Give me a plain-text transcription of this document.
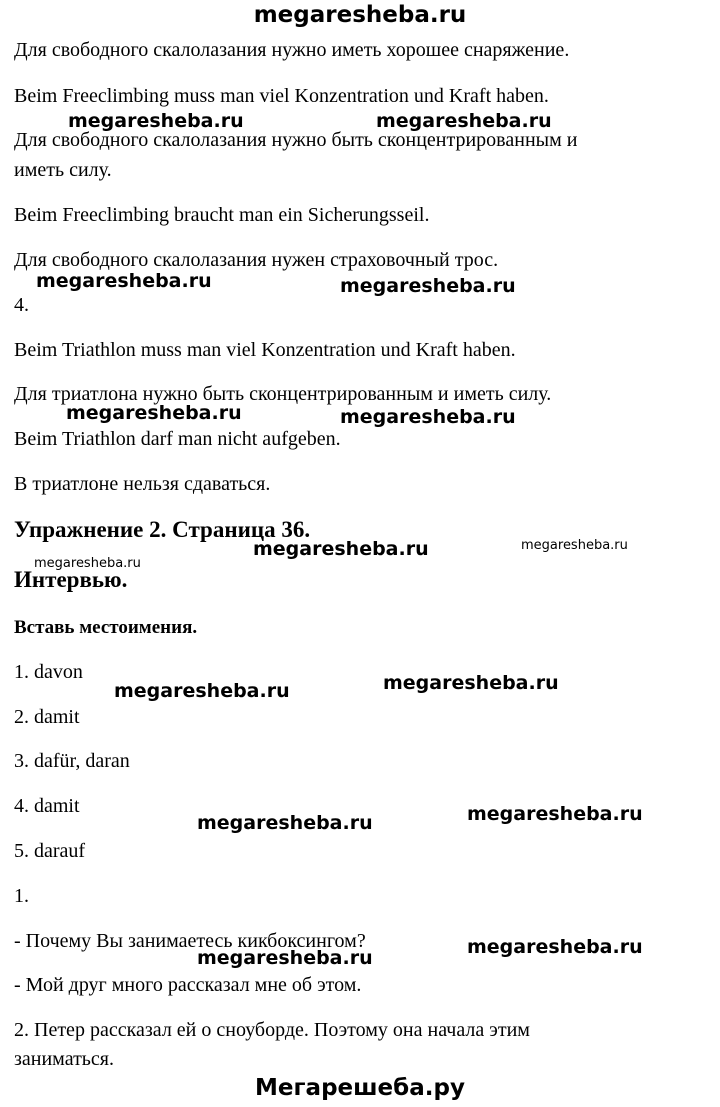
megaresheba.ru
Для свободного скалолазания нужно иметь хорошее снаряжение.
Beim Freeclimbing muss man viel Konzentration und Kraft haben.
Для свободного скалолазания нужно быть сконцентрированным и
иметь силу.
Beim Freeclimbing braucht man ein Sicherungsseil.
Для свободного скалолазания нужен страховочный трос.
4.
Beim Triathlon muss man viel Konzentration und Kraft haben.
Для триатлона нужно быть сконцентрированным и иметь силу.
Beim Triathlon darf man nicht aufgeben.
В триатлоне нельзя сдаваться.
Упражнение 2. Страница 36.
Интервью.
Вставь местоимения.
1. davon
2. damit
3. dafür, daran
4. damit
5. darauf
1.
- Почему Вы занимаетесь кикбоксингом?
- Мой друг много рассказал мне об этом.
2. Петер рассказал ей о сноуборде. Поэтому она начала этим
заниматься.
megaresheba.ru	megaresheba.ru
megaresheba.ru	megaresheba.ru
megaresheba.ru	megaresheba.ru
megaresheba.ru
megaresheba.ru	megaresheba.ru
megaresheba.ru	megaresheba.ru
megaresheba.ru	megaresheba.ru
megaresheba.ru
megaresheba.ru
Мегарешеба.ру
